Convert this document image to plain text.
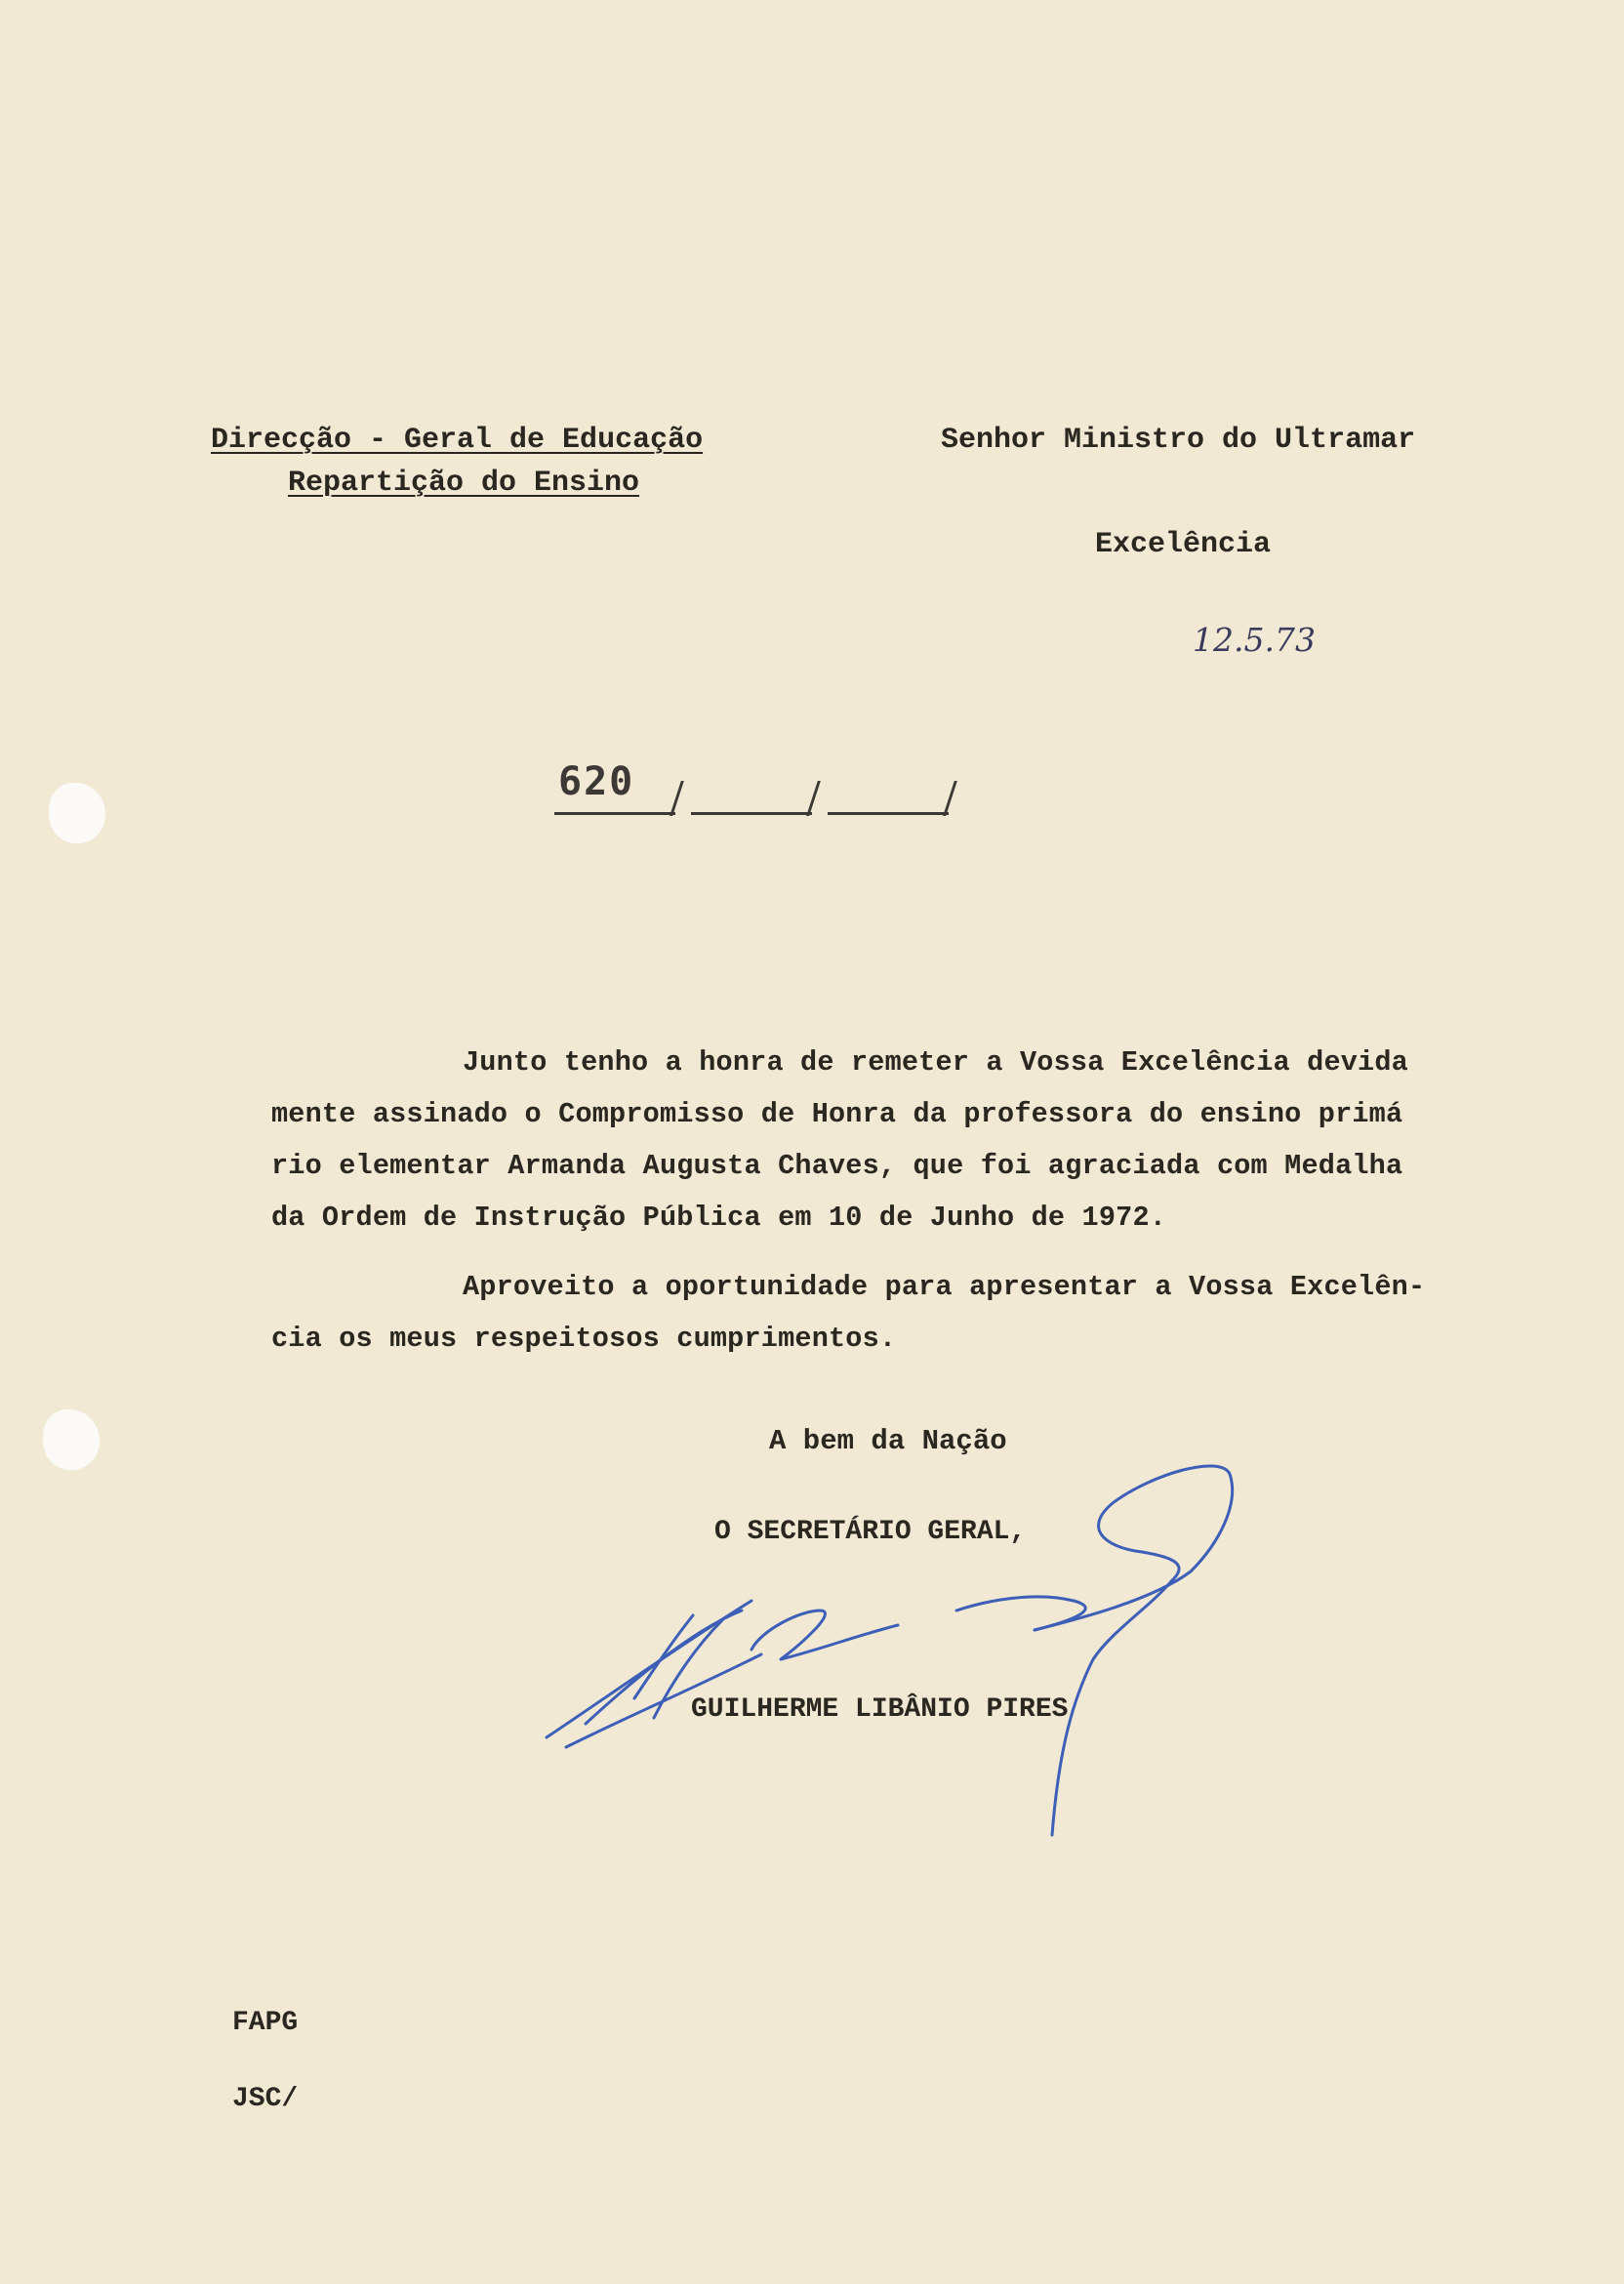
Direcção - Geral de Educação
Repartição do Ensino
Senhor Ministro do Ultramar
Excelência
12.5.73
620
Junto tenho a honra de remeter a Vossa Excelência devida
mente assinado o Compromisso de Honra da professora do ensino primá
rio elementar Armanda Augusta Chaves, que foi agraciada com Medalha
da Ordem de Instrução Pública em 10 de Junho de 1972.
Aproveito a oportunidade para apresentar a Vossa Excelên-
cia os meus respeitosos cumprimentos.
A bem da Nação
O SECRETÁRIO GERAL,
GUILHERME LIBÂNIO PIRES
FAPG
JSC/
